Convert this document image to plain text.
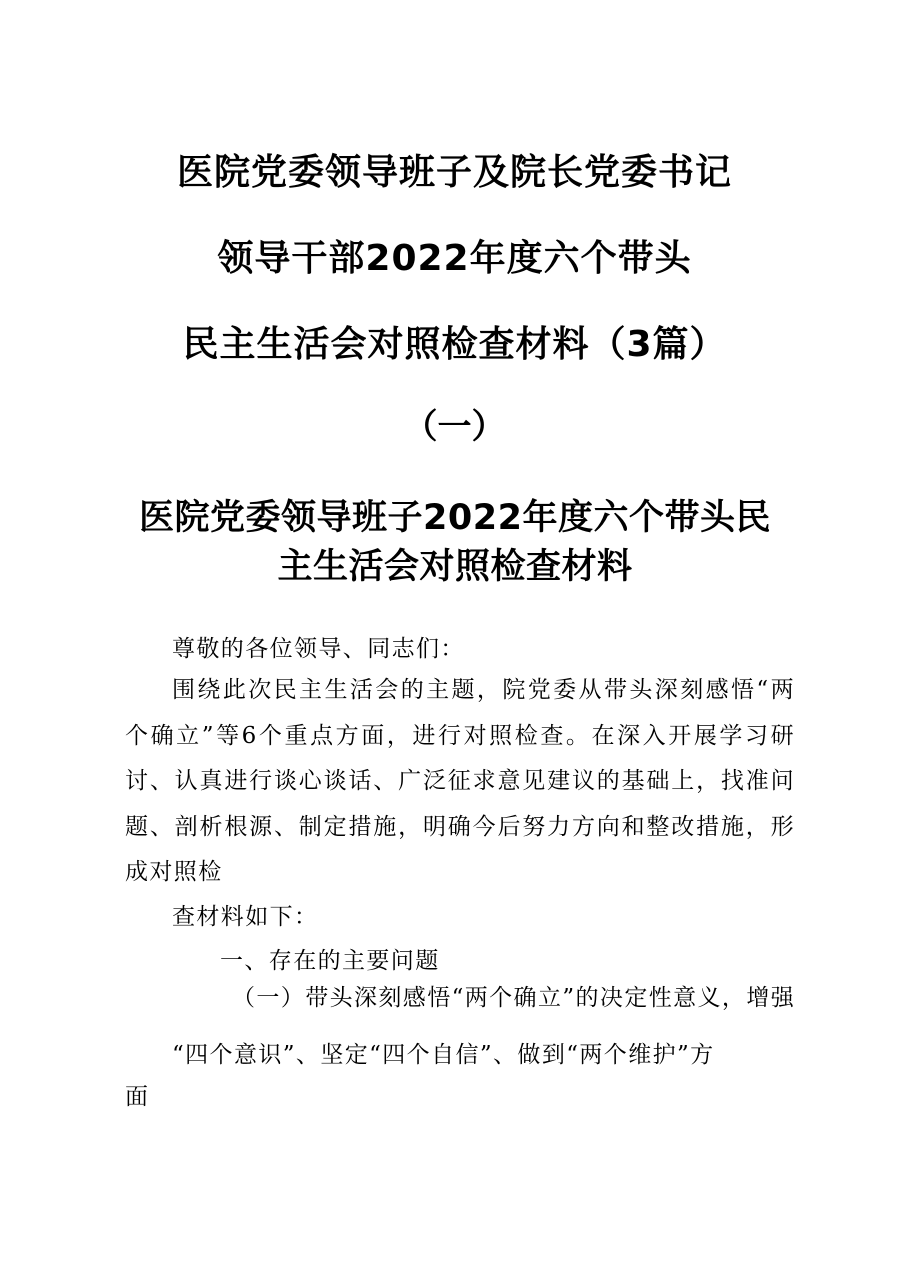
医院党委领导班子及院长党委书记
领导干部2022年度六个带头
民主生活会对照检查材料（3篇）
（一）
医院党委领导班子2022年度六个带头民主生活会对照检查材料
尊敬的各位领导、同志们：
围绕此次民主生活会的主题，院党委从带头深刻感悟“两个确立”等6个重点方面，进行对照检查。在深入开展学习研讨、认真进行谈心谈话、广泛征求意见建议的基础上，找准问题、剖析根源、制定措施，明确今后努力方向和整改措施，形成对照检
查材料如下：
一、存在的主要问题
（一）带头深刻感悟“两个确立”的决定性意义，增强
“四个意识”、坚定“四个自信”、做到“两个维护”方
面
